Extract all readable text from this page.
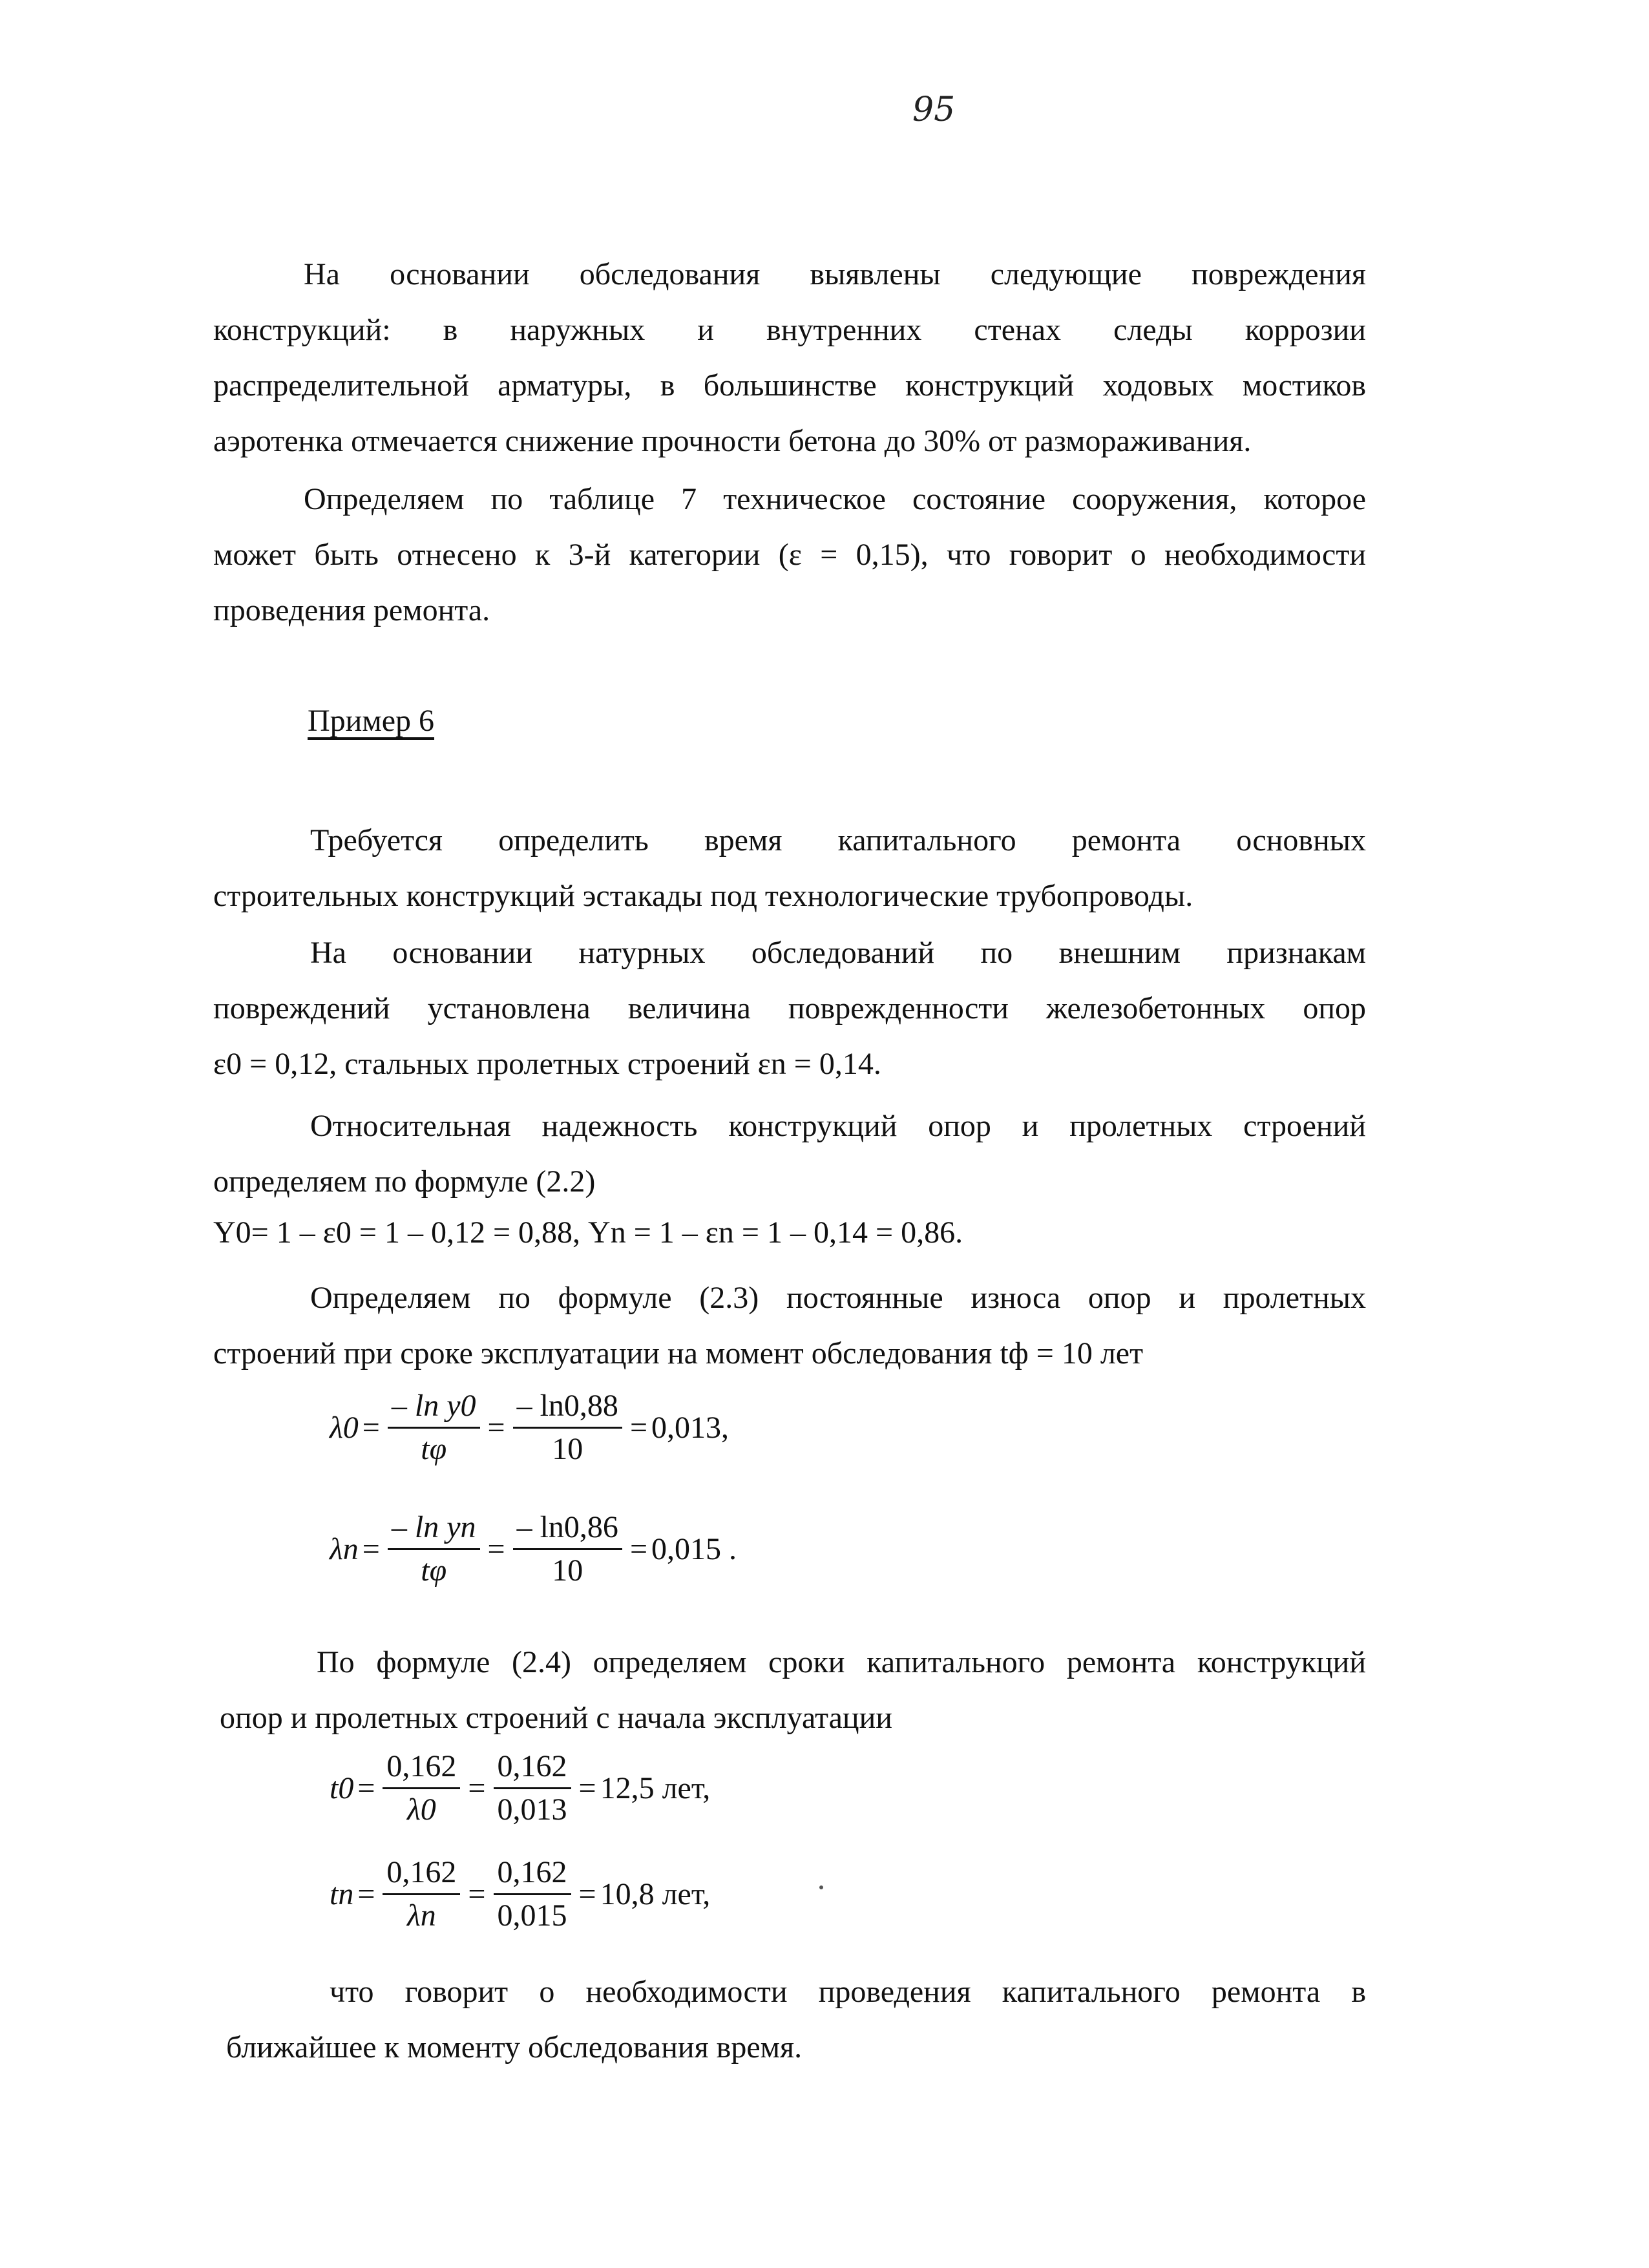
95
На основании обследования выявлены следующие повреждения
конструкций: в наружных и внутренних стенах следы коррозии
распределительной арматуры, в большинстве конструкций ходовых мостиков
аэротенка отмечается снижение прочности бетона до 30% от размораживания.
Определяем по таблице 7 техническое состояние сооружения, которое
может быть отнесено к 3-й категории (ε = 0,15), что говорит о необходимости
проведения ремонта.
Пример 6
Требуется определить время капитального ремонта основных
строительных конструкций эстакады под технологические трубопроводы.
На основании натурных обследований по внешним признакам
повреждений установлена величина поврежденности железобетонных опор
ε0 = 0,12, стальных пролетных строений εn = 0,14.
Относительная надежность конструкций опор и пролетных строений
определяем по формуле (2.2)
Y0= 1 – ε0 = 1 – 0,12 = 0,88, Yn = 1 – εn = 1 – 0,14 = 0,86.
Определяем по формуле (2.3) постоянные износа опор и пролетных
строений при сроке эксплуатации на момент обследования tф = 10 лет
$\lambda 0 = \frac{\text{– ln y0}}{t\varphi} = \frac{- \ln 0,88}{10} = 0,013$,
$\lambda n = \frac{\text{– ln yn}}{t\varphi} = \frac{- \ln 0,86}{10} = 0,015$ .
По формуле (2.4) определяем сроки капитального ремонта конструкций
опор и пролетных строений с начала эксплуатации
$t0 = \frac{0,162}{\lambda 0} = \frac{0,162}{0,013} = 12,5$ лет,
tn = $\frac{0,162}{\lambda n} = \frac{0,162}{0,015} = 10,8$ лет,
что говорит о необходимости проведения капитального ремонта в
ближайшее к моменту обследования время.
